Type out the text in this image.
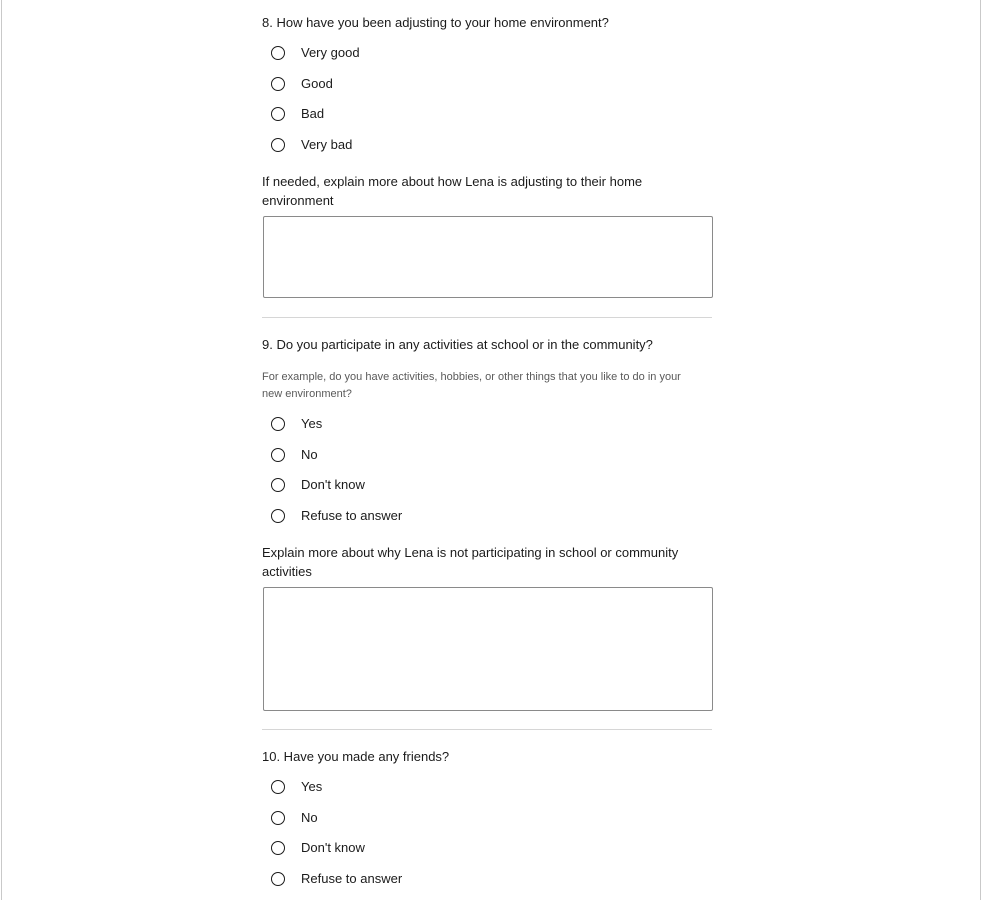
8. How have you been adjusting to your home environment?

Very good
Good
Bad
Very bad

If needed, explain more about how Lena is adjusting to their home environment

9. Do you participate in any activities at school or in the community?

For example, do you have activities, hobbies, or other things that you like to do in your new environment?

Yes
No
Don't know
Refuse to answer

Explain more about why Lena is not participating in school or community activities

10. Have you made any friends?

Yes
No
Don't know
Refuse to answer
